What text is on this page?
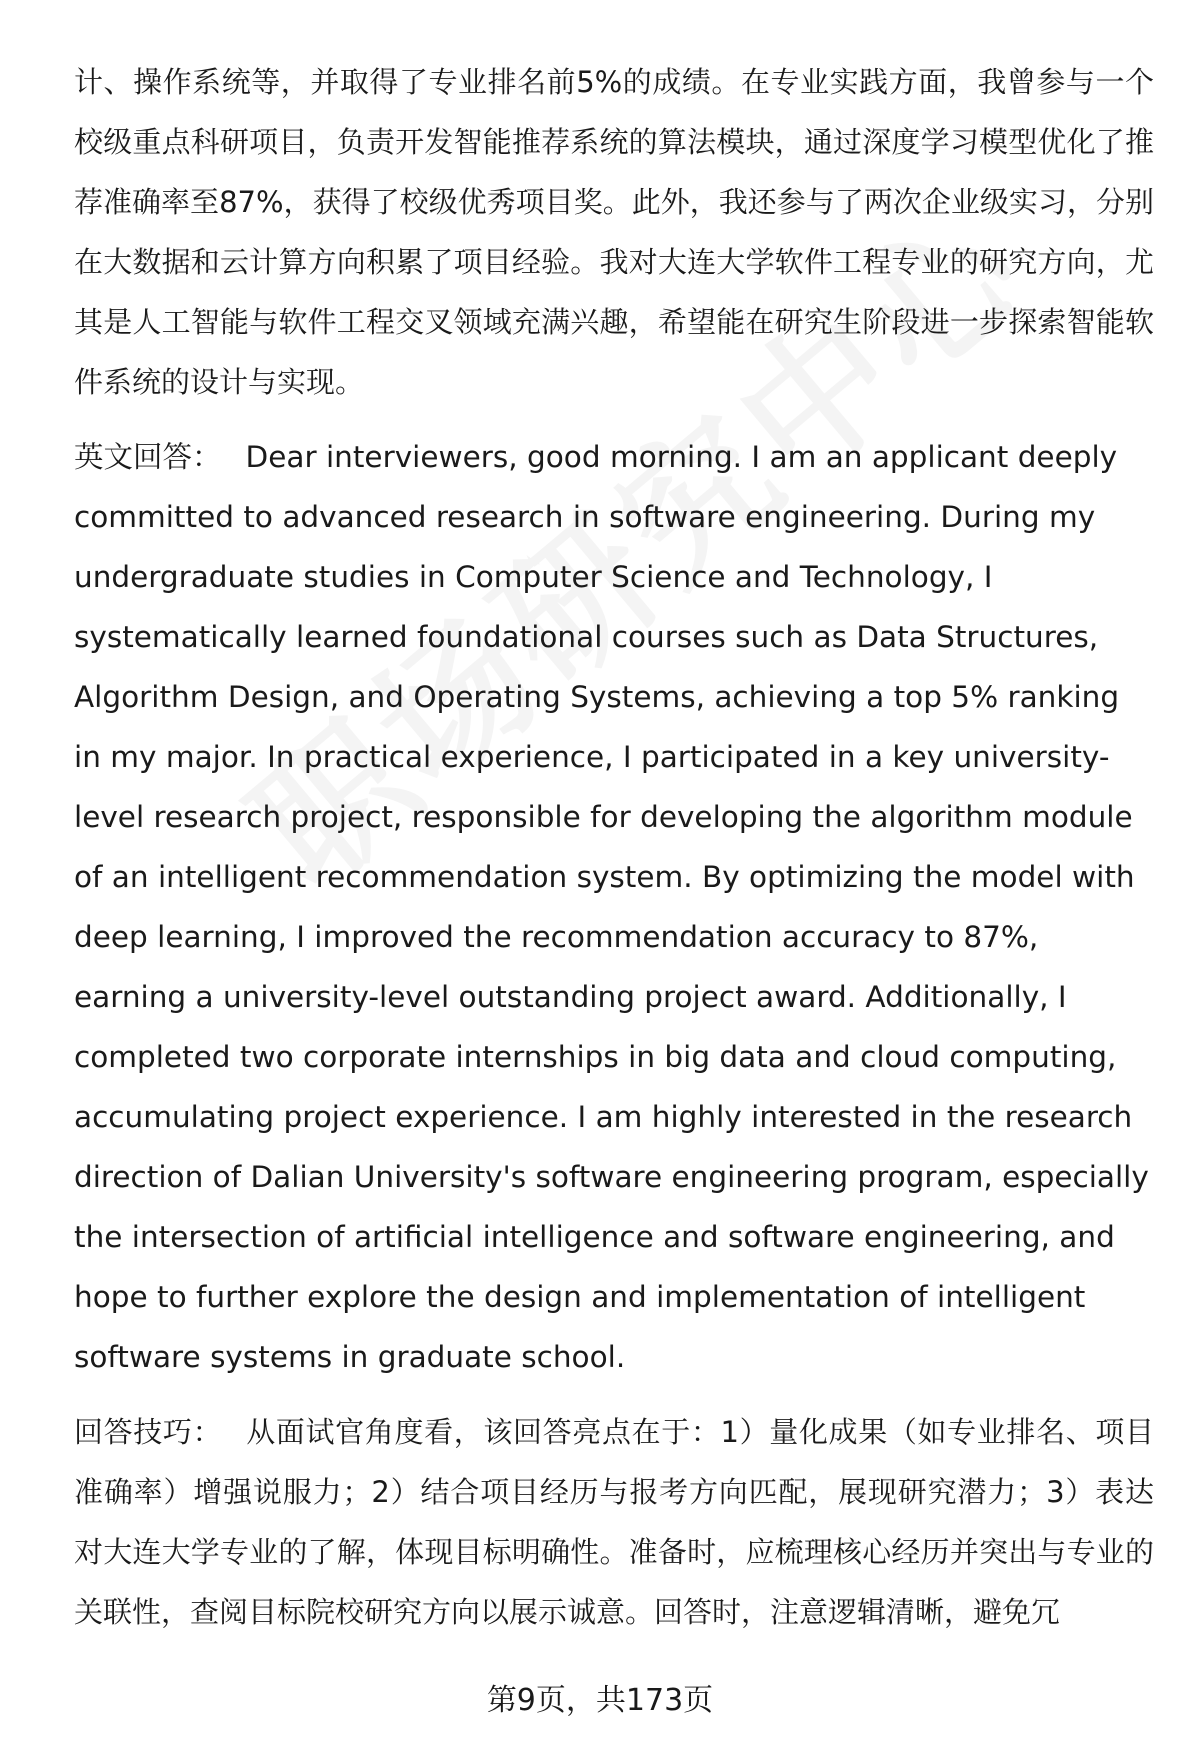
计、操作系统等，并取得了专业排名前5%的成绩。在专业实践方面，我曾参与一个校级重点科研项目，负责开发智能推荐系统的算法模块，通过深度学习模型优化了推荐准确率至87%，获得了校级优秀项目奖。此外，我还参与了两次企业级实习，分别在大数据和云计算方向积累了项目经验。我对大连大学软件工程专业的研究方向，尤其是人工智能与软件工程交叉领域充满兴趣，希望能在研究生阶段进一步探索智能软件系统的设计与实现。

英文回答： Dear interviewers, good morning. I am an applicant deeply committed to advanced research in software engineering. During my undergraduate studies in Computer Science and Technology, I systematically learned foundational courses such as Data Structures, Algorithm Design, and Operating Systems, achieving a top 5% ranking in my major. In practical experience, I participated in a key university-level research project, responsible for developing the algorithm module of an intelligent recommendation system. By optimizing the model with deep learning, I improved the recommendation accuracy to 87%, earning a university-level outstanding project award. Additionally, I completed two corporate internships in big data and cloud computing, accumulating project experience. I am highly interested in the research direction of Dalian University's software engineering program, especially the intersection of artificial intelligence and software engineering, and hope to further explore the design and implementation of intelligent software systems in graduate school.

回答技巧： 从面试官角度看，该回答亮点在于：1）量化成果（如专业排名、项目准确率）增强说服力；2）结合项目经历与报考方向匹配，展现研究潜力；3）表达对大连大学专业的了解，体现目标明确性。准备时，应梳理核心经历并突出与专业的关联性，查阅目标院校研究方向以展示诚意。回答时，注意逻辑清晰，避免冗

第9页，共173页
